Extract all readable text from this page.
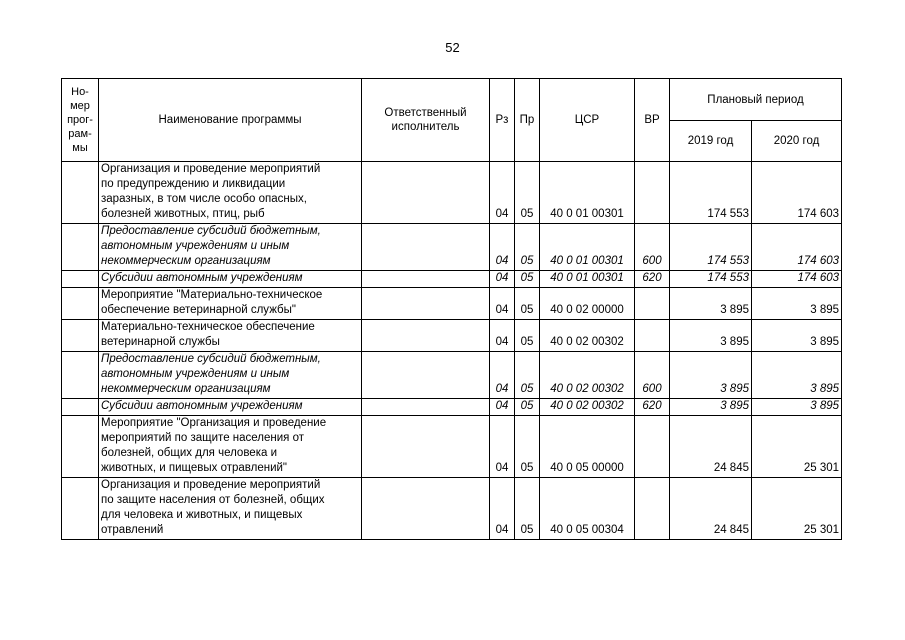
52
Но-
мер
прог-
рам-
мы	Наименование программы	Ответственный исполнитель	Рз	Пр	ЦСР	ВР	Плановый период	
							2019 год	2020 год
	Организация и проведение мероприятий
по предупреждению и ликвидации
заразных, в том числе особо опасных,
болезней животных, птиц, рыб		04	05	40 0 01 00301		174 553	174 603
	Предоставление субсидий бюджетным,
автономным учреждениям и иным
некоммерческим организациям		04	05	40 0 01 00301	600	174 553	174 603
	Субсидии автономным учреждениям		04	05	40 0 01 00301	620	174 553	174 603
	Мероприятие "Материально-техническое
обеспечение ветеринарной службы"		04	05	40 0 02 00000		3 895	3 895
	Материально-техническое обеспечение
ветеринарной службы		04	05	40 0 02 00302		3 895	3 895
	Предоставление субсидий бюджетным,
автономным учреждениям и иным
некоммерческим организациям		04	05	40 0 02 00302	600	3 895	3 895
	Субсидии автономным учреждениям		04	05	40 0 02 00302	620	3 895	3 895
	Мероприятие "Организация и проведение
мероприятий по защите населения от
болезней, общих для человека и
животных, и пищевых отравлений"		04	05	40 0 05 00000		24 845	25 301
	Организация и проведение мероприятий
по защите населения от болезней, общих
для человека и животных, и пищевых
отравлений		04	05	40 0 05 00304		24 845	25 301
